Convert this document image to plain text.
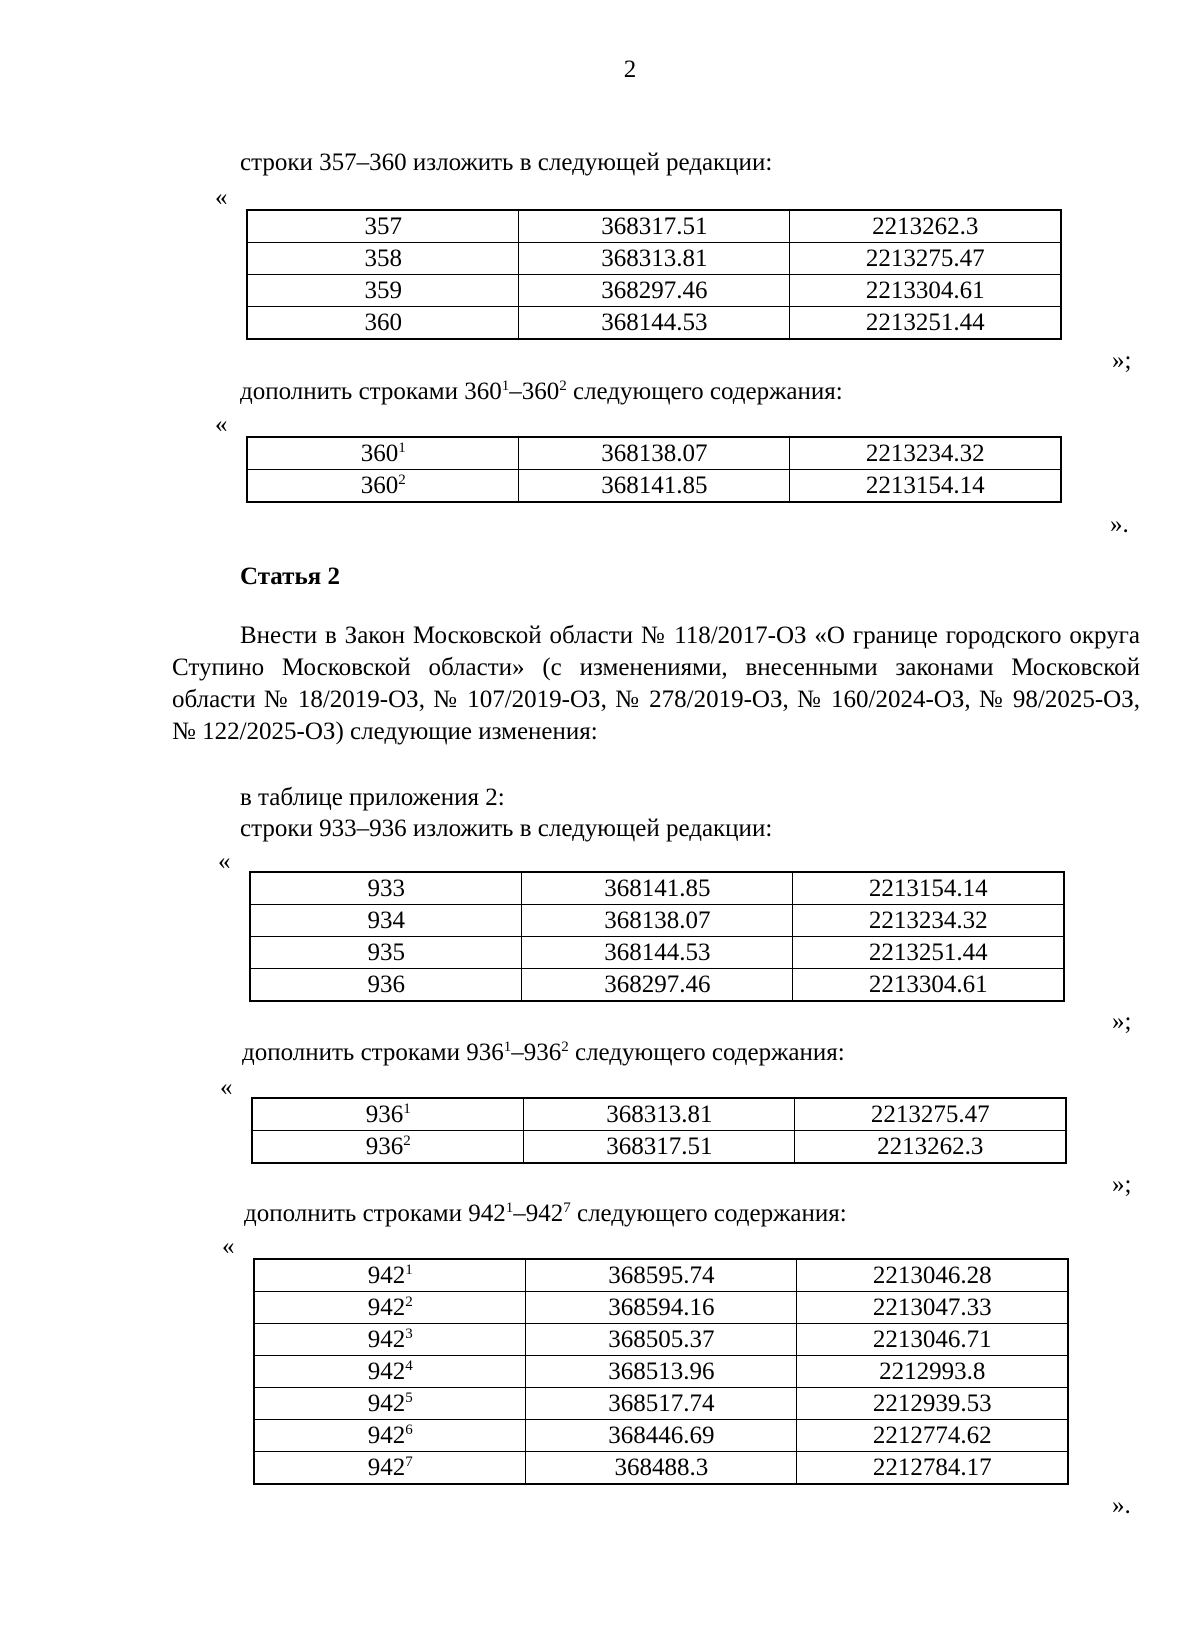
2
строки 357–360 изложить в следующей редакции:
«
357	368317.51	2213262.3
358	368313.81	2213275.47
359	368297.46	2213304.61
360	368144.53	2213251.44
»;
дополнить строками $360^1-360^2$ следующего содержания:
«
$360^1$	368138.07	2213234.32
$360^2$	368141.85	2213154.14
».
Статья 2
Внести в Закон Московской области № 118/2017-ОЗ «О границе городского округа Ступино Московской области» (с изменениями, внесенными законами Московской области № 18/2019-ОЗ, № 107/2019-ОЗ, № 278/2019-ОЗ, № 160/2024-ОЗ, № 98/2025-ОЗ, № 122/2025-ОЗ) следующие изменения:
в таблице приложения 2:
строки 933–936 изложить в следующей редакции:
«
933	368141.85	2213154.14
934	368138.07	2213234.32
935	368144.53	2213251.44
936	368297.46	2213304.61
»;
дополнить строками $936^1-936^2$ следующего содержания:
«
$936^1$	368313.81	2213275.47
$936^2$	368317.51	2213262.3
»;
дополнить строками $942^1-942^7$ следующего содержания:
«
$942^1$	368595.74	2213046.28
$942^2$	368594.16	2213047.33
$942^3$	368505.37	2213046.71
$942^4$	368513.96	2212993.8
$942^5$	368517.74	2212939.53
$942^6$	368446.69	2212774.62
$942^7$	368488.3	2212784.17
».
